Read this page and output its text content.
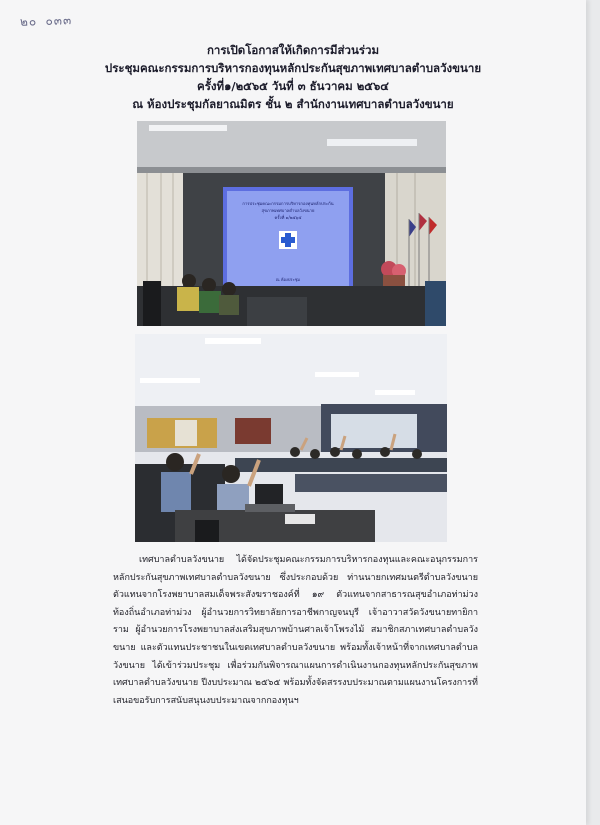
๒๐ ๐๓๓
การเปิดโอกาสให้เกิดการมีส่วนร่วม
ประชุมคณะกรรมการบริหารกองทุนหลักประกันสุขภาพเทศบาลตำบลวังขนาย
ครั้งที่๑/๒๕๖๕ วันที่ ๓ ธันวาคม ๒๕๖๔
ณ ห้องประชุมกัลยาณมิตร ชั้น ๒ สำนักงานเทศบาลตำบลวังขนาย
การประชุมคณะกรรมการบริหารกองทุนหลักประกัน
สุขภาพเทศบาลตำบลวังขนาย
ครั้งที่ ๑/๒๕๖๕
ณ ห้องประชุม

เทศบาลตำบลวังขนาย ได้จัดประชุมคณะกรรมการบริหารกองทุนและคณะอนุกรรมการหลักประกันสุขภาพเทศบาลตำบลวังขนาย ซึ่งประกอบด้วย ท่านนายกเทศมนตรีตำบลวังขนาย ตัวแทนจากโรงพยาบาลสมเด็จพระสังฆราชองค์ที่ ๑๙ ตัวแทนจากสาธารณสุขอำเภอท่าม่วง ท้องถิ่นอำเภอท่าม่วง ผู้อำนวยการวิทยาลัยการอาชีพกาญจนบุรี เจ้าอาวาสวัดวังขนายทายิการาม ผู้อำนวยการโรงพยาบาลส่งเสริมสุขภาพบ้านศาลเจ้าโพรงไม้ สมาชิกสภาเทศบาลตำบลวังขนาย และตัวแทนประชาชนในเขตเทศบาลตำบลวังขนาย พร้อมทั้งเจ้าหน้าที่จากเทศบาลตำบลวังขนาย ได้เข้าร่วมประชุม เพื่อร่วมกันพิจารณาแผนการดำเนินงานกองทุนหลักประกันสุขภาพเทศบาลตำบลวังขนาย ปีงบประมาณ ๒๕๖๕ พร้อมทั้งจัดสรรงบประมาณตามแผนงานโครงการที่เสนอขอรับการสนับสนุนงบประมาณจากกองทุนฯ
